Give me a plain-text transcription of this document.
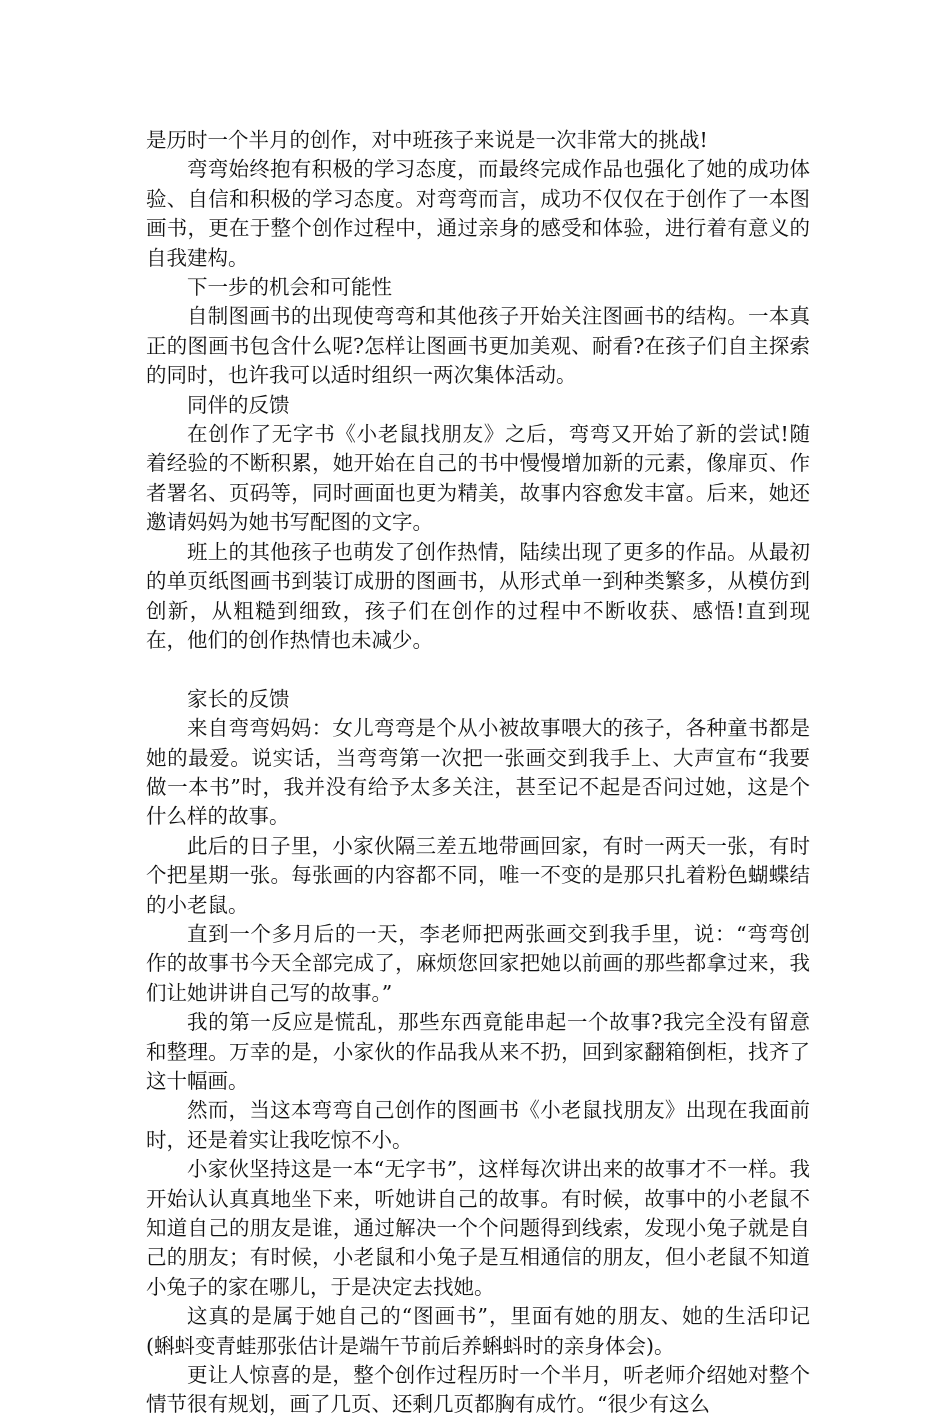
是历时一个半月的创作，对中班孩子来说是一次非常大的挑战!

弯弯始终抱有积极的学习态度，而最终完成作品也强化了她的成功体验、自信和积极的学习态度。对弯弯而言，成功不仅仅在于创作了一本图画书，更在于整个创作过程中，通过亲身的感受和体验，进行着有意义的自我建构。

下一步的机会和可能性

自制图画书的出现使弯弯和其他孩子开始关注图画书的结构。一本真正的图画书包含什么呢?怎样让图画书更加美观、耐看?在孩子们自主探索的同时，也许我可以适时组织一两次集体活动。

同伴的反馈

在创作了无字书《小老鼠找朋友》之后，弯弯又开始了新的尝试!随着经验的不断积累，她开始在自己的书中慢慢增加新的元素，像扉页、作者署名、页码等，同时画面也更为精美，故事内容愈发丰富。后来，她还邀请妈妈为她书写配图的文字。

班上的其他孩子也萌发了创作热情，陆续出现了更多的作品。从最初的单页纸图画书到装订成册的图画书，从形式单一到种类繁多，从模仿到创新，从粗糙到细致，孩子们在创作的过程中不断收获、感悟!直到现在，他们的创作热情也未减少。

家长的反馈

来自弯弯妈妈：女儿弯弯是个从小被故事喂大的孩子，各种童书都是她的最爱。说实话，当弯弯第一次把一张画交到我手上、大声宣布“我要做一本书”时，我并没有给予太多关注，甚至记不起是否问过她，这是个什么样的故事。

此后的日子里，小家伙隔三差五地带画回家，有时一两天一张，有时个把星期一张。每张画的内容都不同，唯一不变的是那只扎着粉色蝴蝶结的小老鼠。

直到一个多月后的一天，李老师把两张画交到我手里，说：“弯弯创作的故事书今天全部完成了，麻烦您回家把她以前画的那些都拿过来，我们让她讲讲自己写的故事。”

我的第一反应是慌乱，那些东西竟能串起一个故事?我完全没有留意和整理。万幸的是，小家伙的作品我从来不扔，回到家翻箱倒柜，找齐了这十幅画。

然而，当这本弯弯自己创作的图画书《小老鼠找朋友》出现在我面前时，还是着实让我吃惊不小。

小家伙坚持这是一本“无字书”，这样每次讲出来的故事才不一样。我开始认认真真地坐下来，听她讲自己的故事。有时候，故事中的小老鼠不知道自己的朋友是谁，通过解决一个个问题得到线索，发现小兔子就是自己的朋友；有时候，小老鼠和小兔子是互相通信的朋友，但小老鼠不知道小兔子的家在哪儿，于是决定去找她。

这真的是属于她自己的“图画书”，里面有她的朋友、她的生活印记(蝌蚪变青蛙那张估计是端午节前后养蝌蚪时的亲身体会)。

更让人惊喜的是，整个创作过程历时一个半月，听老师介绍她对整个情节很有规划，画了几页、还剩几页都胸有成竹。“很少有这么
